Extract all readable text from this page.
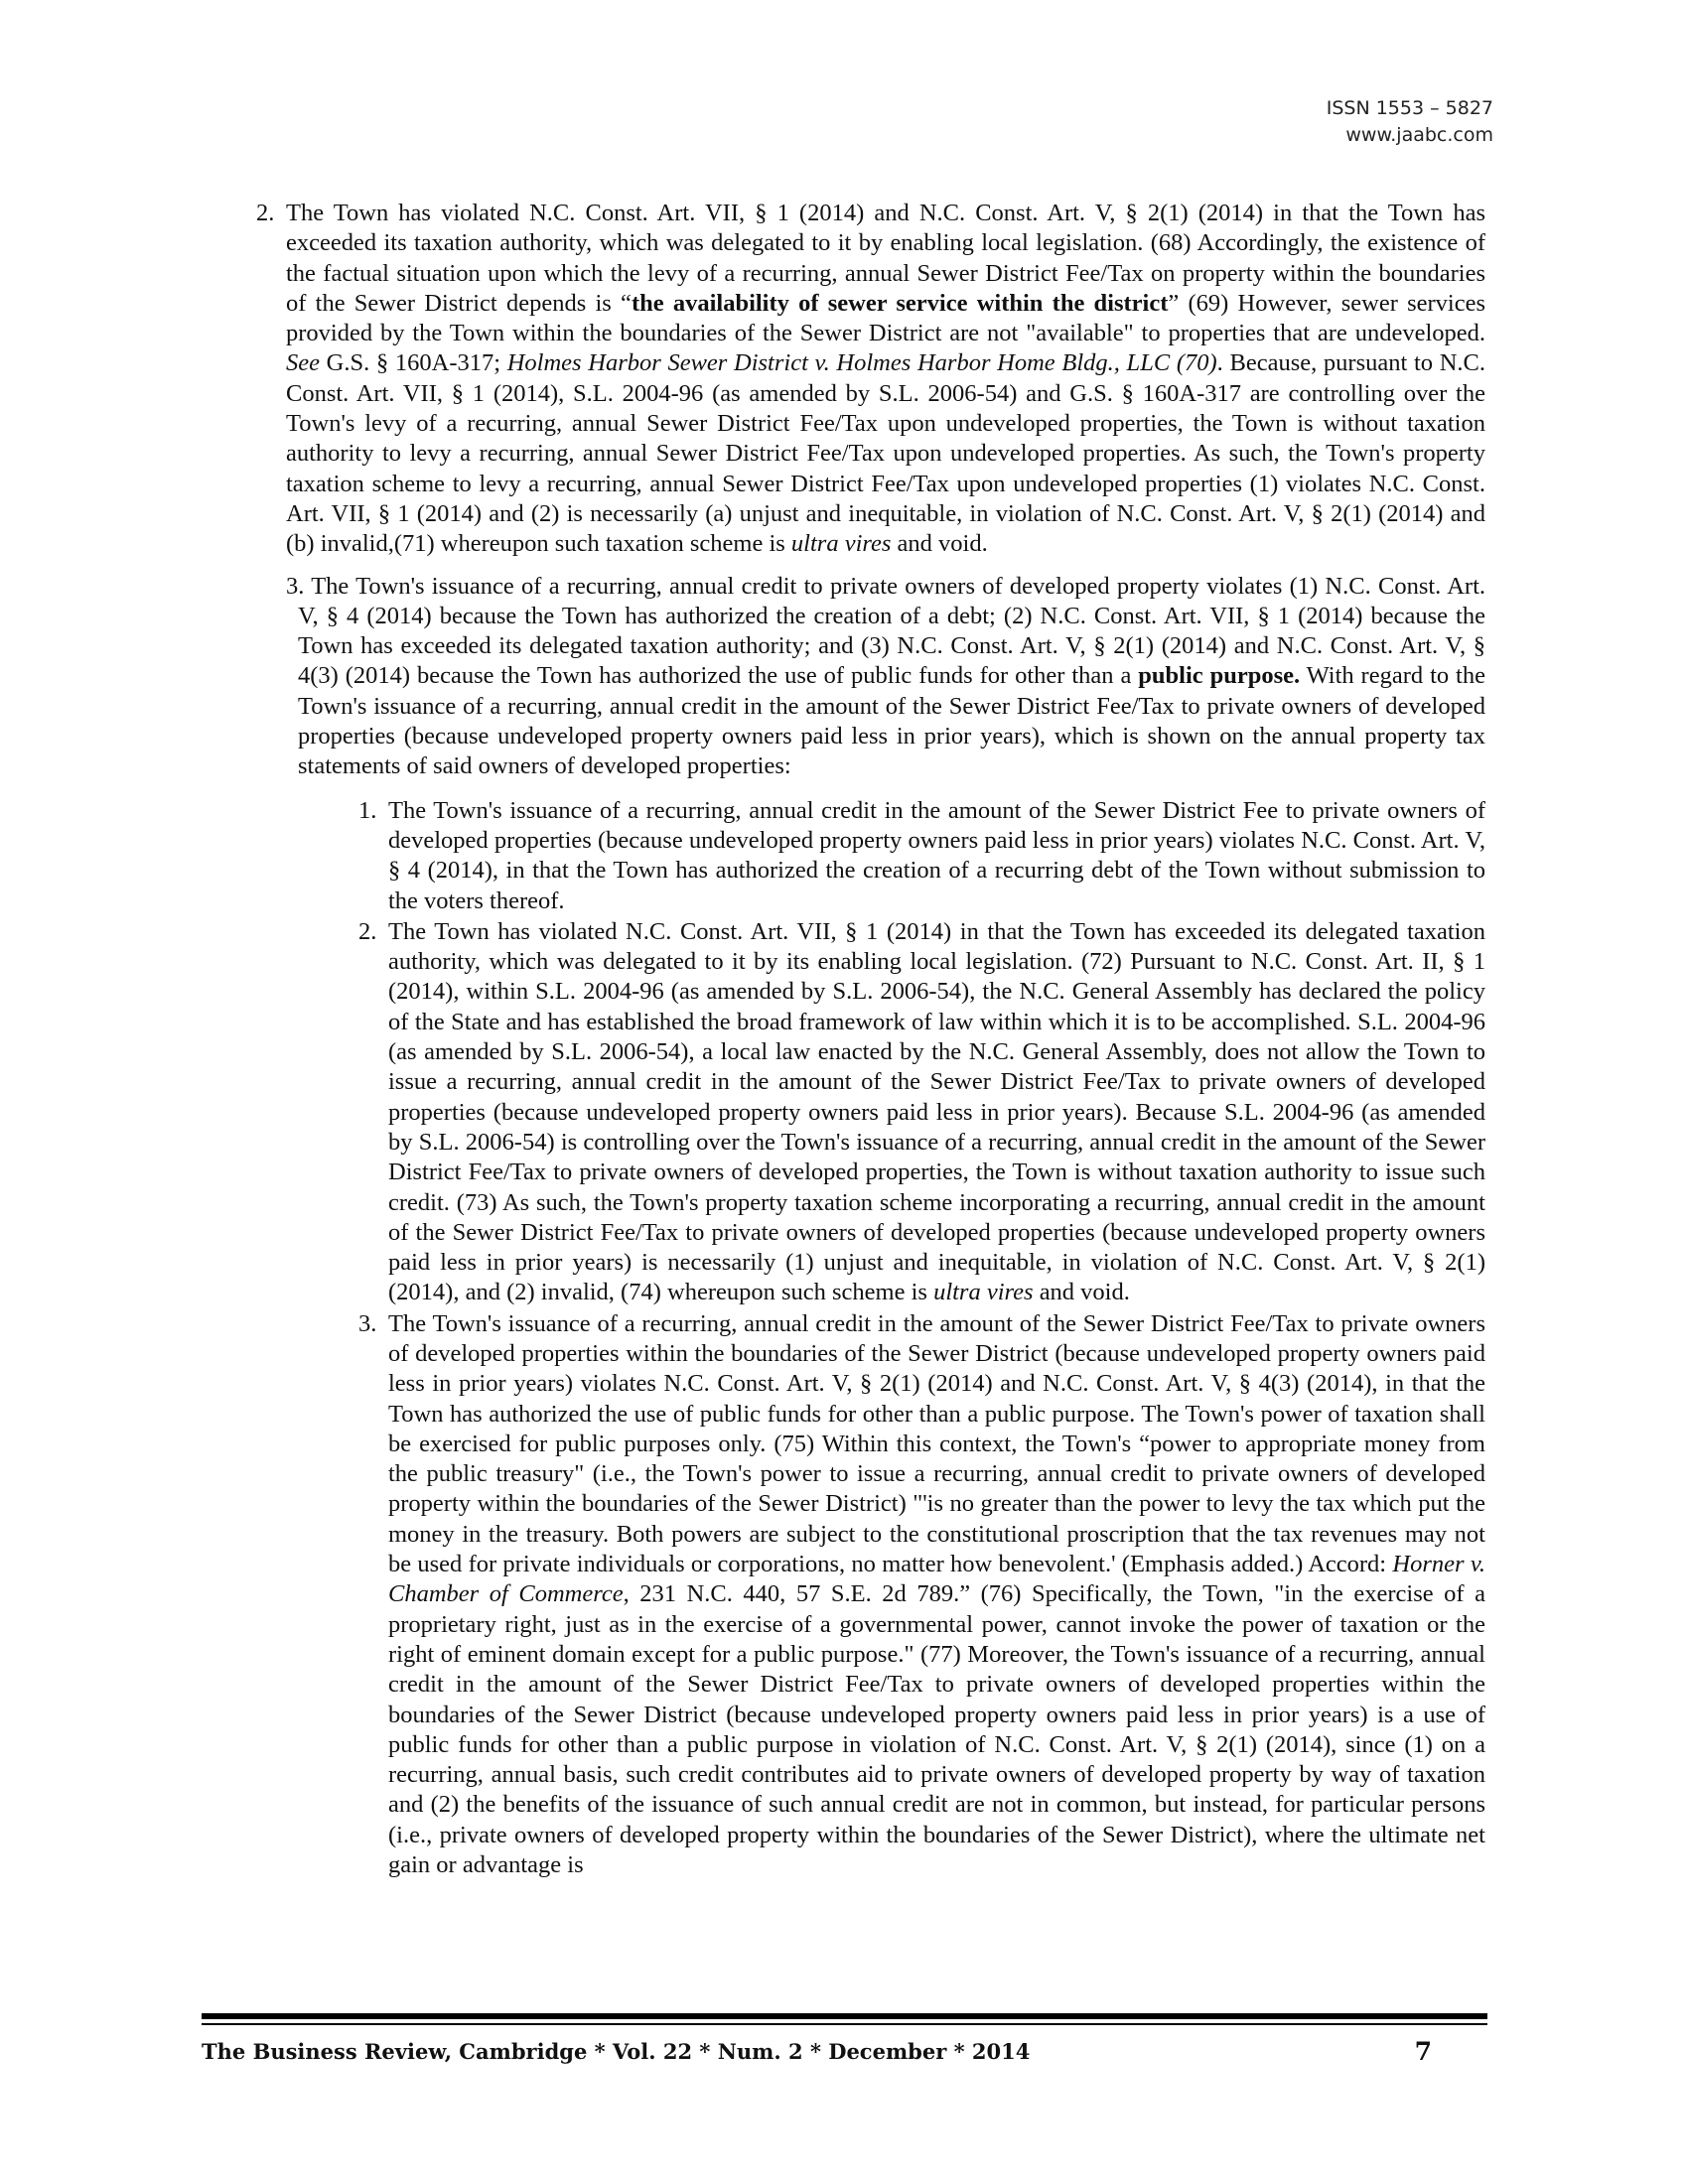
ISSN 1553 – 5827
www.jaabc.com
2. The Town has violated N.C. Const. Art. VII, § 1 (2014) and N.C. Const. Art. V, § 2(1) (2014) in that the Town has exceeded its taxation authority, which was delegated to it by enabling local legislation. (68) Accordingly, the existence of the factual situation upon which the levy of a recurring, annual Sewer District Fee/Tax on property within the boundaries of the Sewer District depends is “the availability of sewer service within the district” (69) However, sewer services provided by the Town within the boundaries of the Sewer District are not "available" to properties that are undeveloped. See G.S. § 160A-317; Holmes Harbor Sewer District v. Holmes Harbor Home Bldg., LLC (70). Because, pursuant to N.C. Const. Art. VII, § 1 (2014), S.L. 2004-96 (as amended by S.L. 2006-54) and G.S. § 160A-317 are controlling over the Town's levy of a recurring, annual Sewer District Fee/Tax upon undeveloped properties, the Town is without taxation authority to levy a recurring, annual Sewer District Fee/Tax upon undeveloped properties. As such, the Town's property taxation scheme to levy a recurring, annual Sewer District Fee/Tax upon undeveloped properties (1) violates N.C. Const. Art. VII, § 1 (2014) and (2) is necessarily (a) unjust and inequitable, in violation of N.C. Const. Art. V, § 2(1) (2014) and (b) invalid,(71) whereupon such taxation scheme is ultra vires and void.
3. The Town's issuance of a recurring, annual credit to private owners of developed property violates (1) N.C. Const. Art. V, § 4 (2014) because the Town has authorized the creation of a debt; (2) N.C. Const. Art. VII, § 1 (2014) because the Town has exceeded its delegated taxation authority; and (3) N.C. Const. Art. V, § 2(1) (2014) and N.C. Const. Art. V, § 4(3) (2014) because the Town has authorized the use of public funds for other than a public purpose. With regard to the Town's issuance of a recurring, annual credit in the amount of the Sewer District Fee/Tax to private owners of developed properties (because undeveloped property owners paid less in prior years), which is shown on the annual property tax statements of said owners of developed properties:
1. The Town's issuance of a recurring, annual credit in the amount of the Sewer District Fee to private owners of developed properties (because undeveloped property owners paid less in prior years) violates N.C. Const. Art. V, § 4 (2014), in that the Town has authorized the creation of a recurring debt of the Town without submission to the voters thereof.
2. The Town has violated N.C. Const. Art. VII, § 1 (2014) in that the Town has exceeded its delegated taxation authority, which was delegated to it by its enabling local legislation. (72) Pursuant to N.C. Const. Art. II, § 1 (2014), within S.L. 2004-96 (as amended by S.L. 2006-54), the N.C. General Assembly has declared the policy of the State and has established the broad framework of law within which it is to be accomplished. S.L. 2004-96 (as amended by S.L. 2006-54), a local law enacted by the N.C. General Assembly, does not allow the Town to issue a recurring, annual credit in the amount of the Sewer District Fee/Tax to private owners of developed properties (because undeveloped property owners paid less in prior years). Because S.L. 2004-96 (as amended by S.L. 2006-54) is controlling over the Town's issuance of a recurring, annual credit in the amount of the Sewer District Fee/Tax to private owners of developed properties, the Town is without taxation authority to issue such credit. (73) As such, the Town's property taxation scheme incorporating a recurring, annual credit in the amount of the Sewer District Fee/Tax to private owners of developed properties (because undeveloped property owners paid less in prior years) is necessarily (1) unjust and inequitable, in violation of N.C. Const. Art. V, § 2(1) (2014), and (2) invalid, (74) whereupon such scheme is ultra vires and void.
3. The Town's issuance of a recurring, annual credit in the amount of the Sewer District Fee/Tax to private owners of developed properties within the boundaries of the Sewer District (because undeveloped property owners paid less in prior years) violates N.C. Const. Art. V, § 2(1) (2014) and N.C. Const. Art. V, § 4(3) (2014), in that the Town has authorized the use of public funds for other than a public purpose. The Town's power of taxation shall be exercised for public purposes only. (75) Within this context, the Town's “power to appropriate money from the public treasury" (i.e., the Town's power to issue a recurring, annual credit to private owners of developed property within the boundaries of the Sewer District) "'is no greater than the power to levy the tax which put the money in the treasury. Both powers are subject to the constitutional proscription that the tax revenues may not be used for private individuals or corporations, no matter how benevolent.' (Emphasis added.) Accord: Horner v. Chamber of Commerce, 231 N.C. 440, 57 S.E. 2d 789.” (76) Specifically, the Town, "in the exercise of a proprietary right, just as in the exercise of a governmental power, cannot invoke the power of taxation or the right of eminent domain except for a public purpose." (77) Moreover, the Town's issuance of a recurring, annual credit in the amount of the Sewer District Fee/Tax to private owners of developed properties within the boundaries of the Sewer District (because undeveloped property owners paid less in prior years) is a use of public funds for other than a public purpose in violation of N.C. Const. Art. V, § 2(1) (2014), since (1) on a recurring, annual basis, such credit contributes aid to private owners of developed property by way of taxation and (2) the benefits of the issuance of such annual credit are not in common, but instead, for particular persons (i.e., private owners of developed property within the boundaries of the Sewer District), where the ultimate net gain or advantage is
The Business Review, Cambridge * Vol. 22 * Num. 2 * December * 2014	7
